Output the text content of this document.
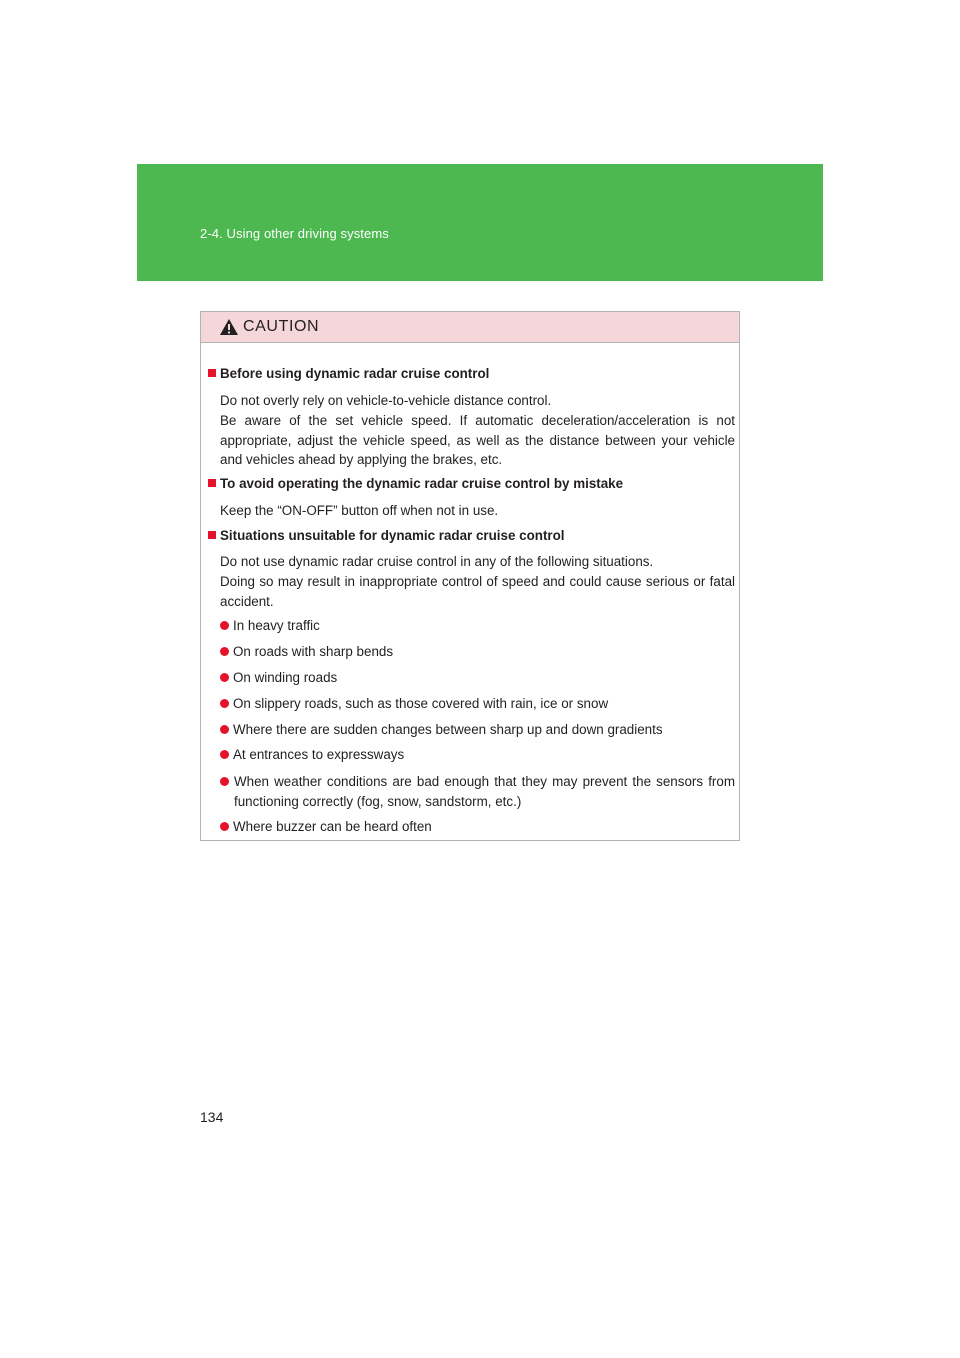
2-4. Using other driving systems
CAUTION
Before using dynamic radar cruise control
Do not overly rely on vehicle-to-vehicle distance control.
Be aware of the set vehicle speed. If automatic deceleration/acceleration is not appropriate, adjust the vehicle speed, as well as the distance between your vehicle and vehicles ahead by applying the brakes, etc.
To avoid operating the dynamic radar cruise control by mistake
Keep the “ON-OFF” button off when not in use.
Situations unsuitable for dynamic radar cruise control
Do not use dynamic radar cruise control in any of the following situations.
Doing so may result in inappropriate control of speed and could cause serious or fatal accident.
In heavy traffic
On roads with sharp bends
On winding roads
On slippery roads, such as those covered with rain, ice or snow
Where there are sudden changes between sharp up and down gradients
At entrances to expressways
When weather conditions are bad enough that they may prevent the sensors from functioning correctly (fog, snow, sandstorm, etc.)
Where buzzer can be heard often
134
